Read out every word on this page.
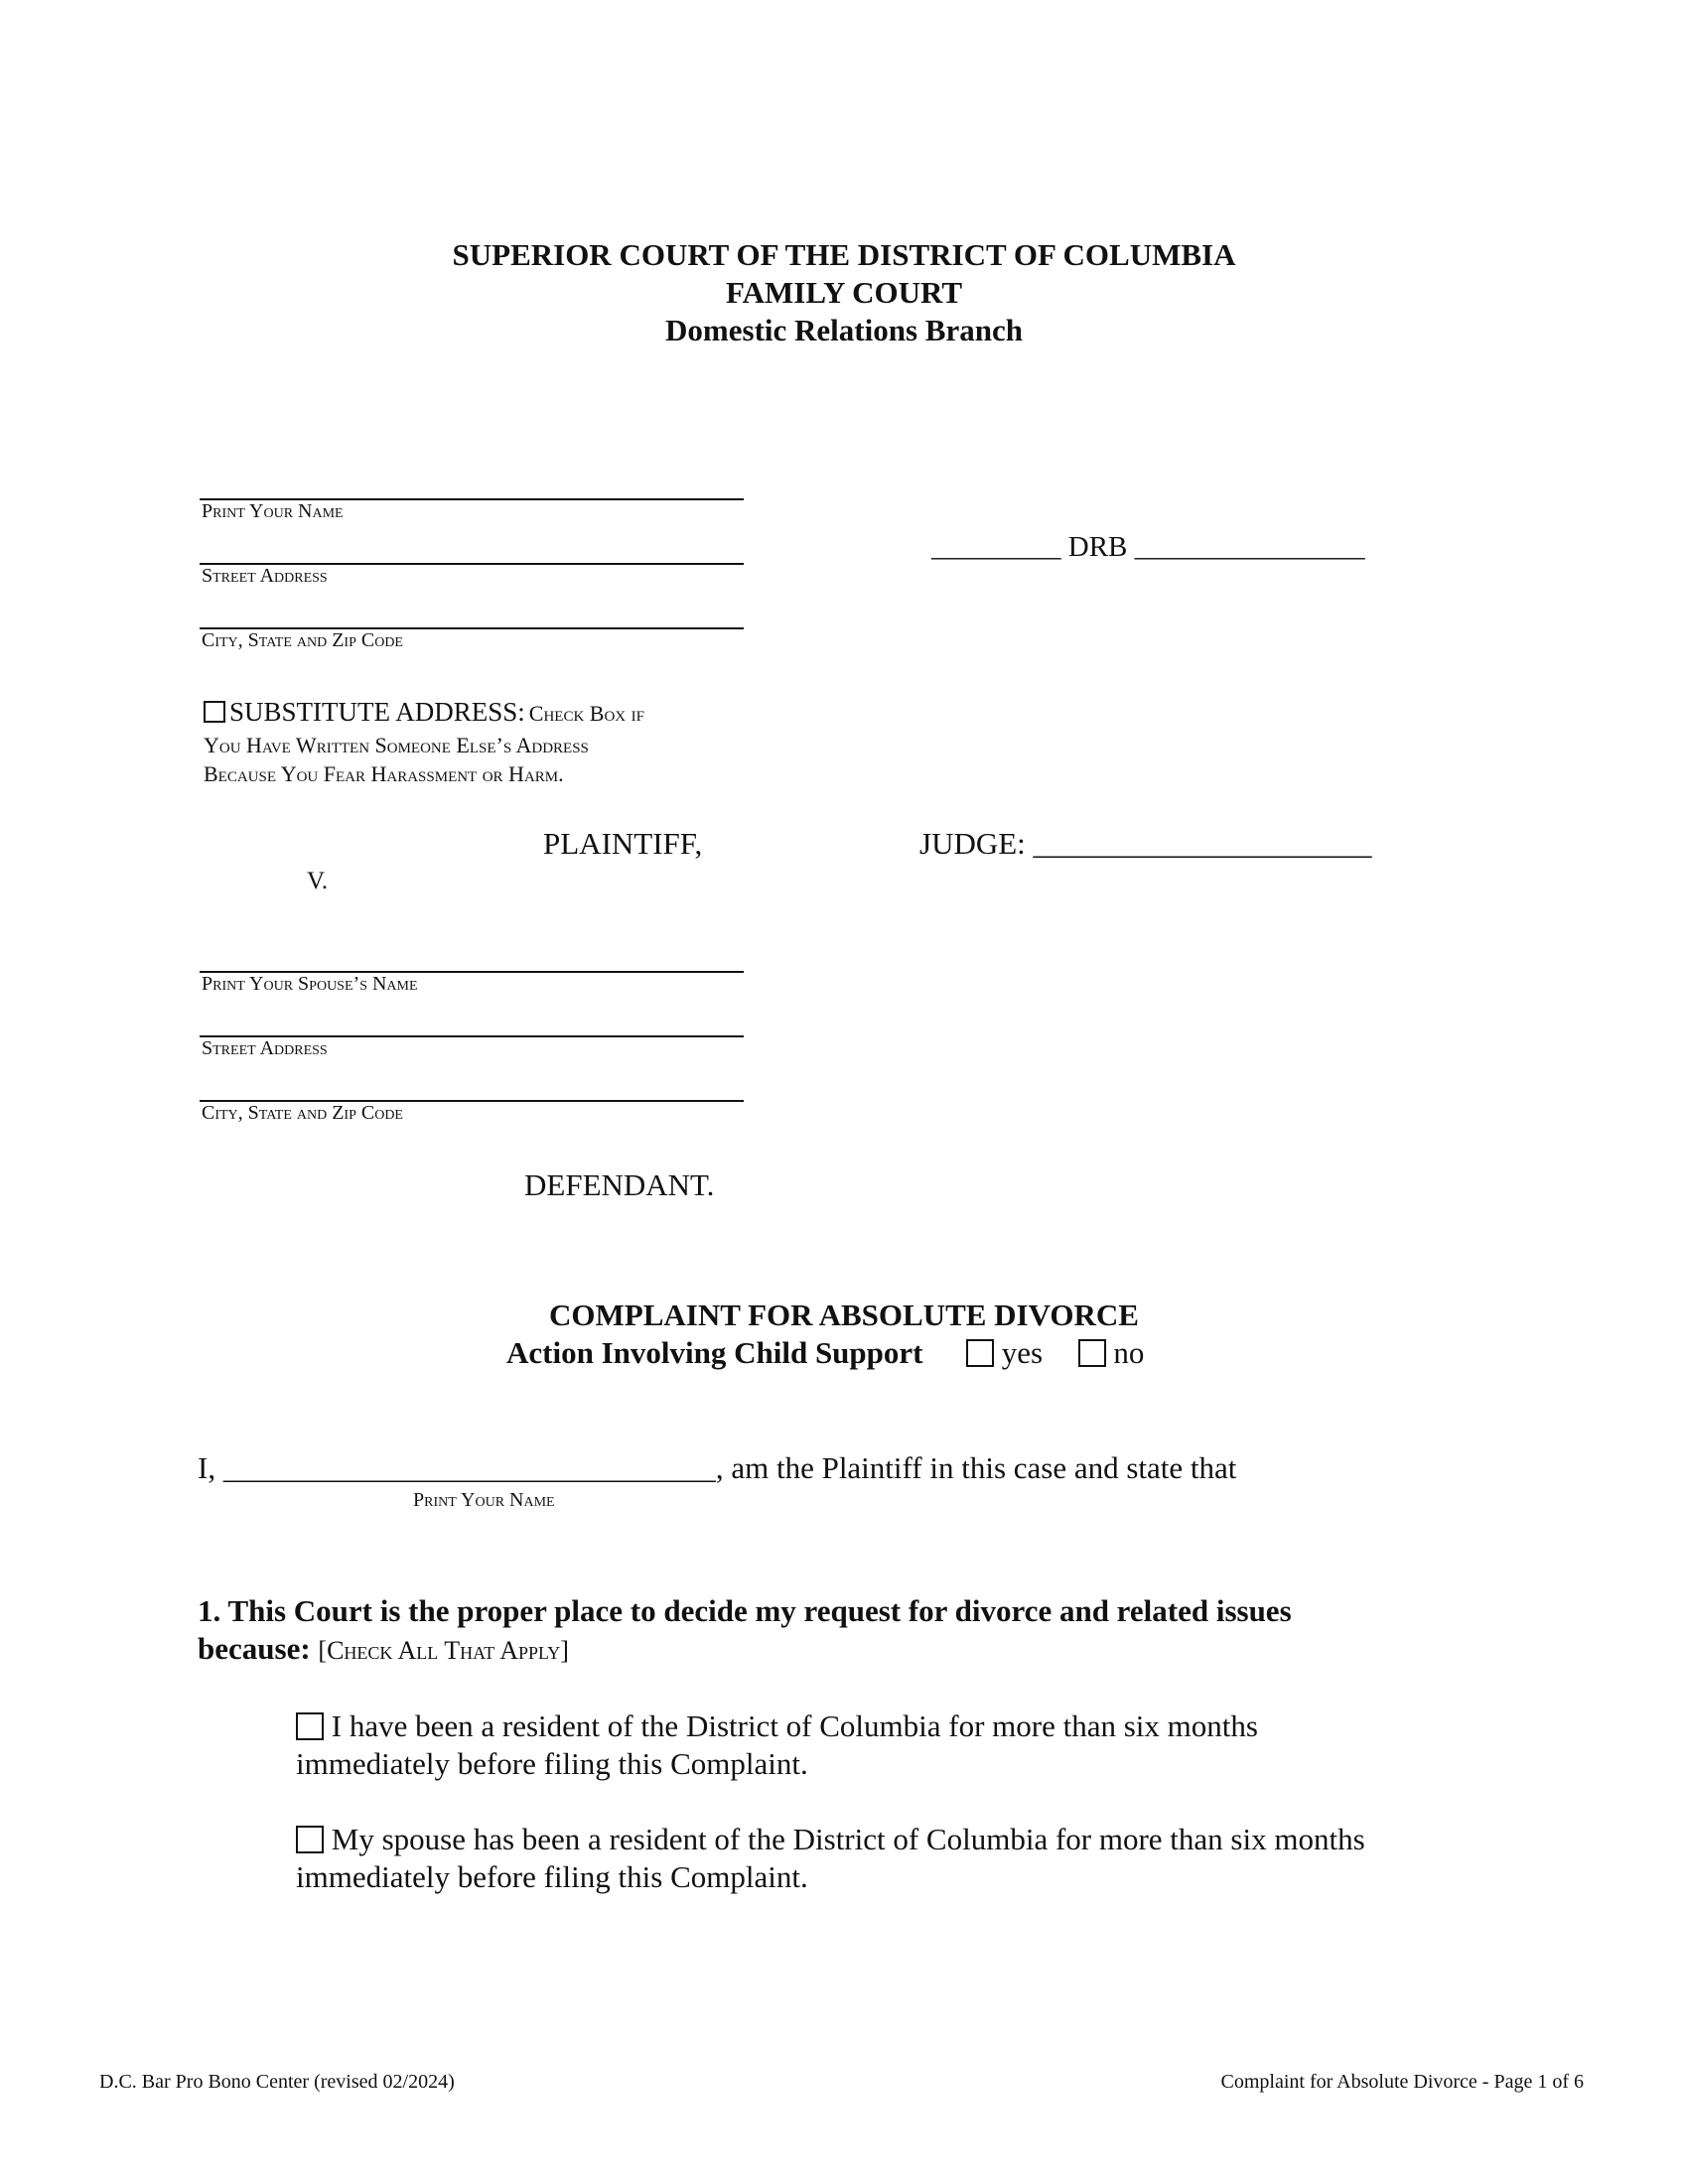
SUPERIOR COURT OF THE DISTRICT OF COLUMBIA
FAMILY COURT
Domestic Relations Branch
Print Your Name
Street Address
City, State and Zip Code
_________ DRB ________________
SUBSTITUTE ADDRESS: Check Box if
You Have Written Someone Else’s Address
Because You Fear Harassment or Harm.
PLAINTIFF,	JUDGE: ______________________
V.
Print Your Spouse’s Name
Street Address
City, State and Zip Code
DEFENDANT.
COMPLAINT FOR ABSOLUTE DIVORCE
Action Involving Child Support	yes no
I, ________________________________, am the Plaintiff in this case and state that
Print Your Name
1. This Court is the proper place to decide my request for divorce and related issues
because: [Check All That Apply]
I have been a resident of the District of Columbia for more than six months
immediately before filing this Complaint.
My spouse has been a resident of the District of Columbia for more than six months
immediately before filing this Complaint.
D.C. Bar Pro Bono Center (revised 02/2024)	Complaint for Absolute Divorce - Page 1 of 6
